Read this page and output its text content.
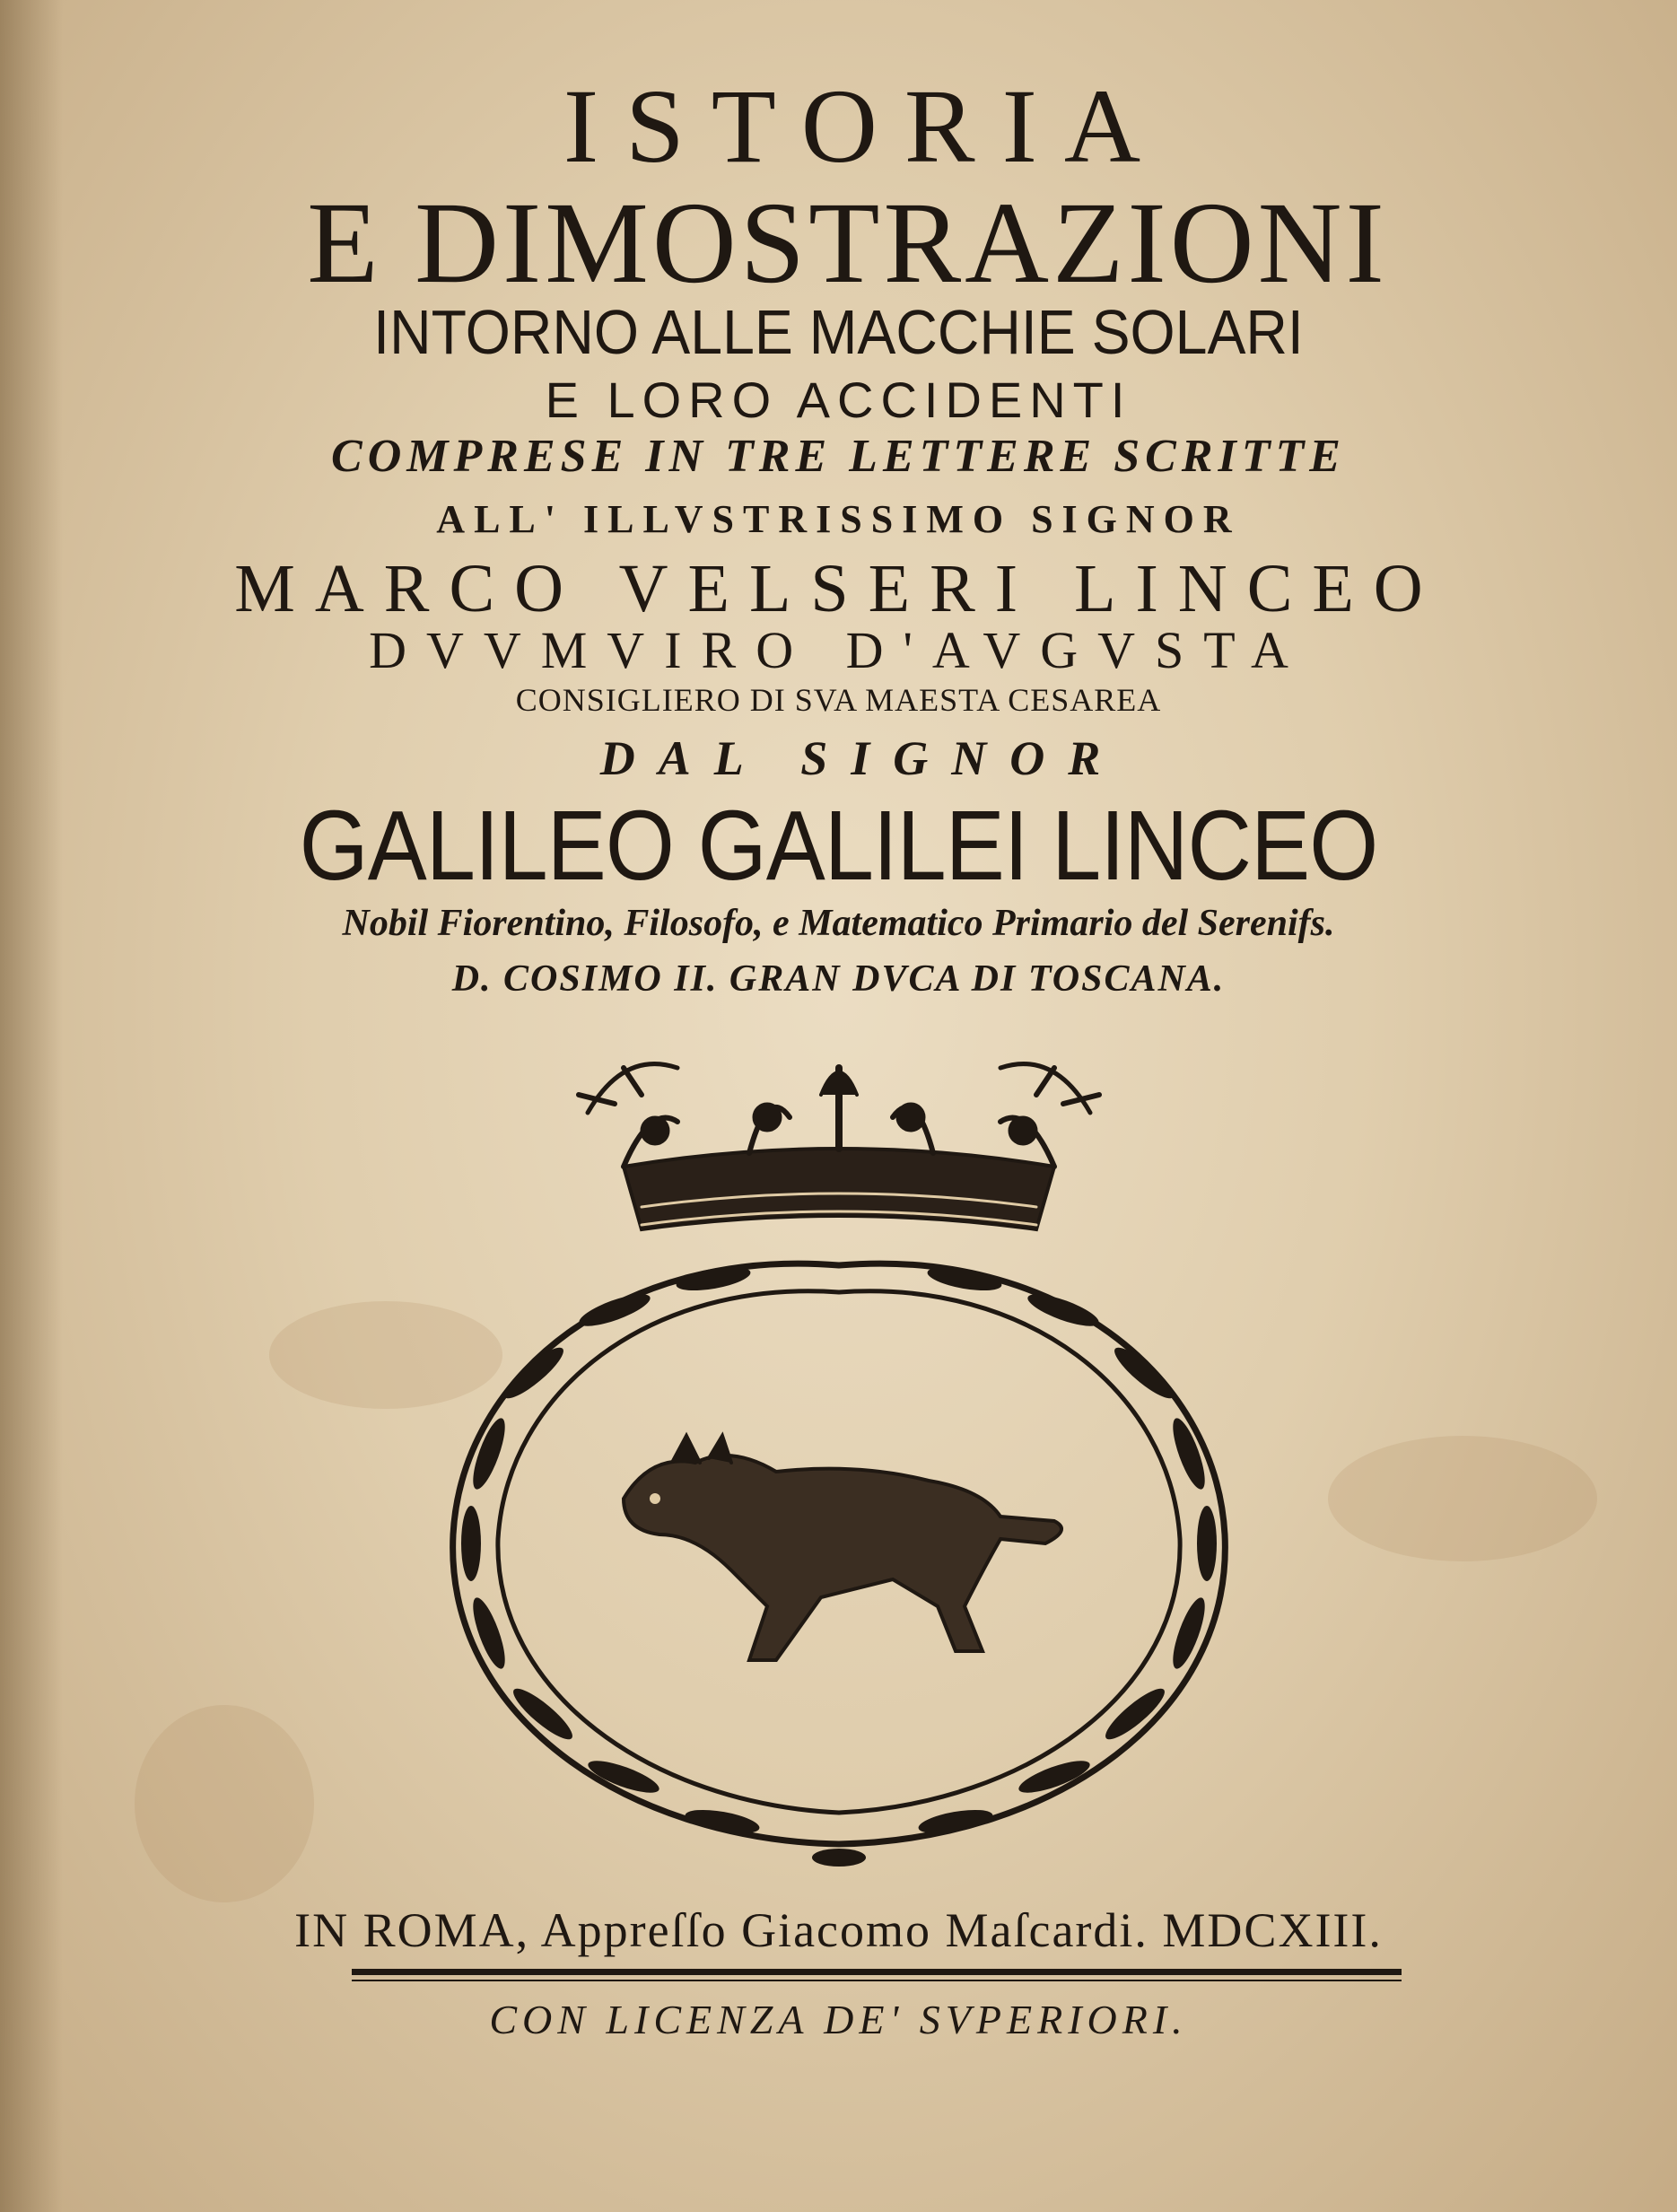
ISTORIA
E DIMOSTRAZIONI
INTORNO ALLE MACCHIE SOLARI
E LORO ACCIDENTI
COMPRESE IN TRE LETTERE SCRITTE
ALL' ILLVSTRISSIMO SIGNOR
MARCO VELSERI LINCEO
DVVMVIRO D'AVGVSTA
CONSIGLIERO DI SVA MAESTA CESAREA
DAL SIGNOR
GALILEO GALILEI LINCEO
Nobil Fiorentino, Filosofo, e Matematico Primario del Serenifs.
D. COSIMO II. GRAN DVCA DI TOSCANA.
IN ROMA, Appreſſo Giacomo Maſcardi. MDCXIII.
CON LICENZA DE' SVPERIORI.
